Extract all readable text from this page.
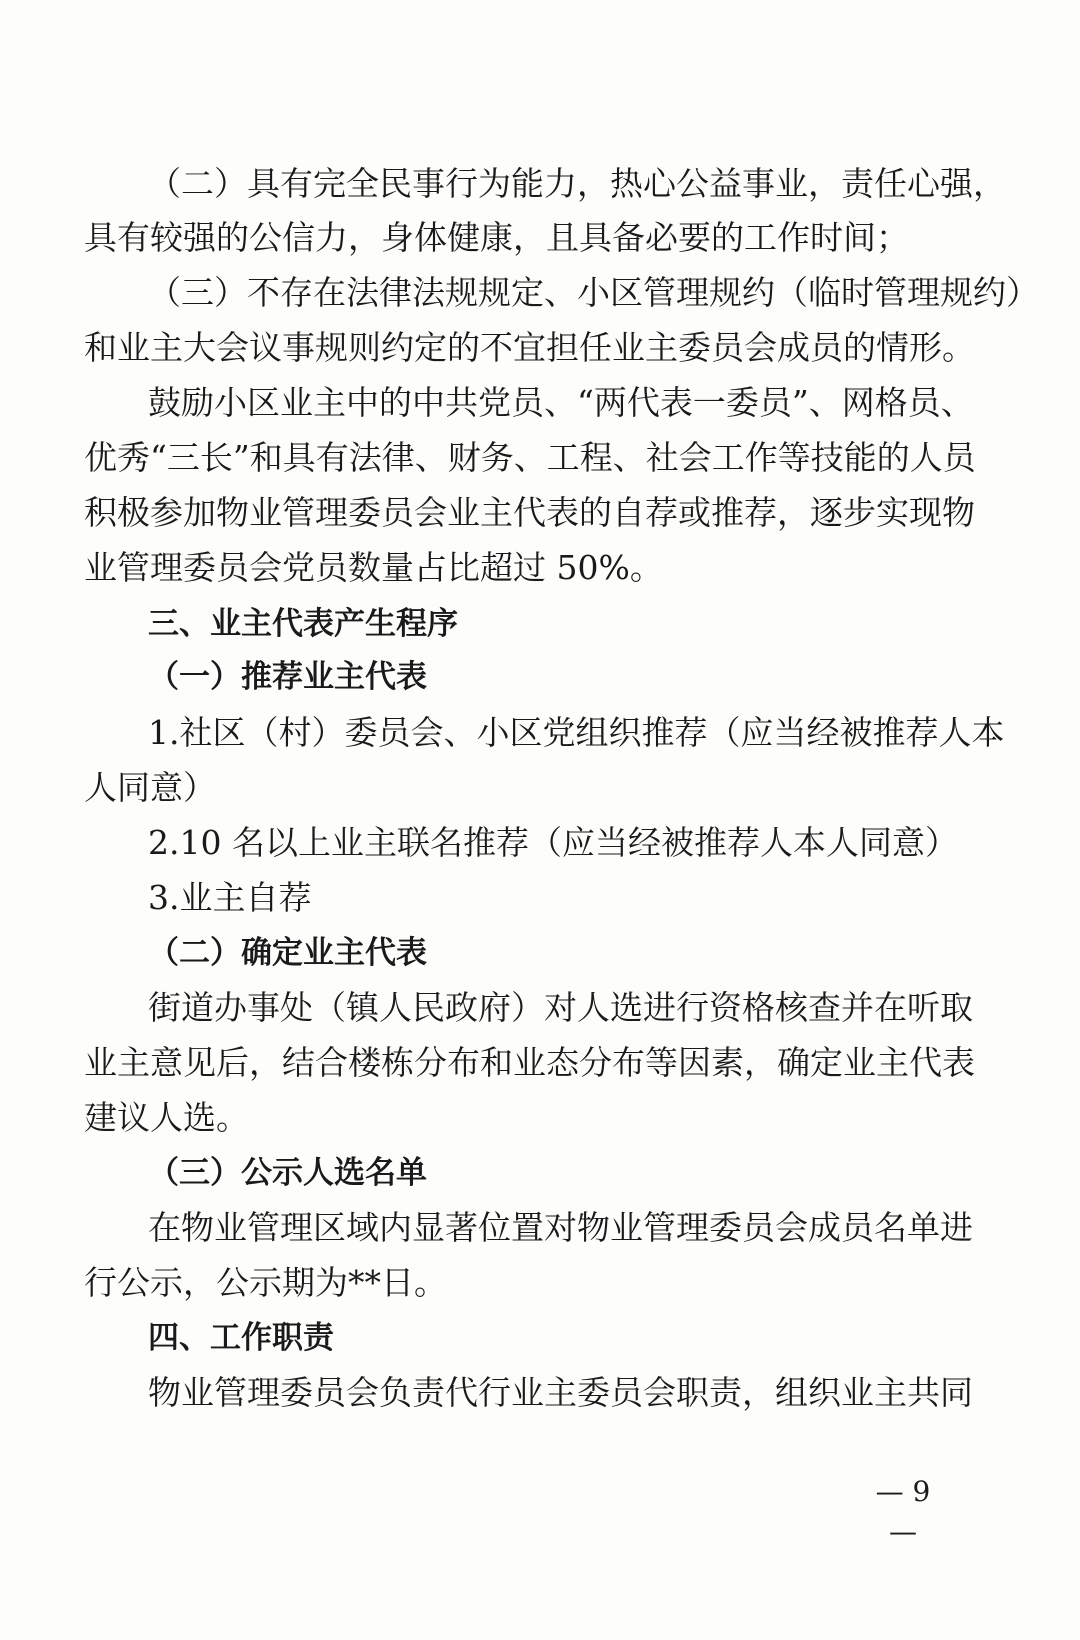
（二）具有完全民事行为能力，热心公益事业，责任心强，
具有较强的公信力，身体健康，且具备必要的工作时间；
（三）不存在法律法规规定、小区管理规约（临时管理规约）
和业主大会议事规则约定的不宜担任业主委员会成员的情形。
鼓励小区业主中的中共党员、“两代表一委员”、网格员、
优秀“三长”和具有法律、财务、工程、社会工作等技能的人员
积极参加物业管理委员会业主代表的自荐或推荐，逐步实现物
业管理委员会党员数量占比超过 50%。
三、业主代表产生程序
（一）推荐业主代表
1.社区（村）委员会、小区党组织推荐（应当经被推荐人本
人同意）
2.10 名以上业主联名推荐（应当经被推荐人本人同意）
3.业主自荐
（二）确定业主代表
街道办事处（镇人民政府）对人选进行资格核查并在听取
业主意见后，结合楼栋分布和业态分布等因素，确定业主代表
建议人选。
（三）公示人选名单
在物业管理区域内显著位置对物业管理委员会成员名单进
行公示，公示期为**日。
四、工作职责
物业管理委员会负责代行业主委员会职责，组织业主共同
— 9 —
